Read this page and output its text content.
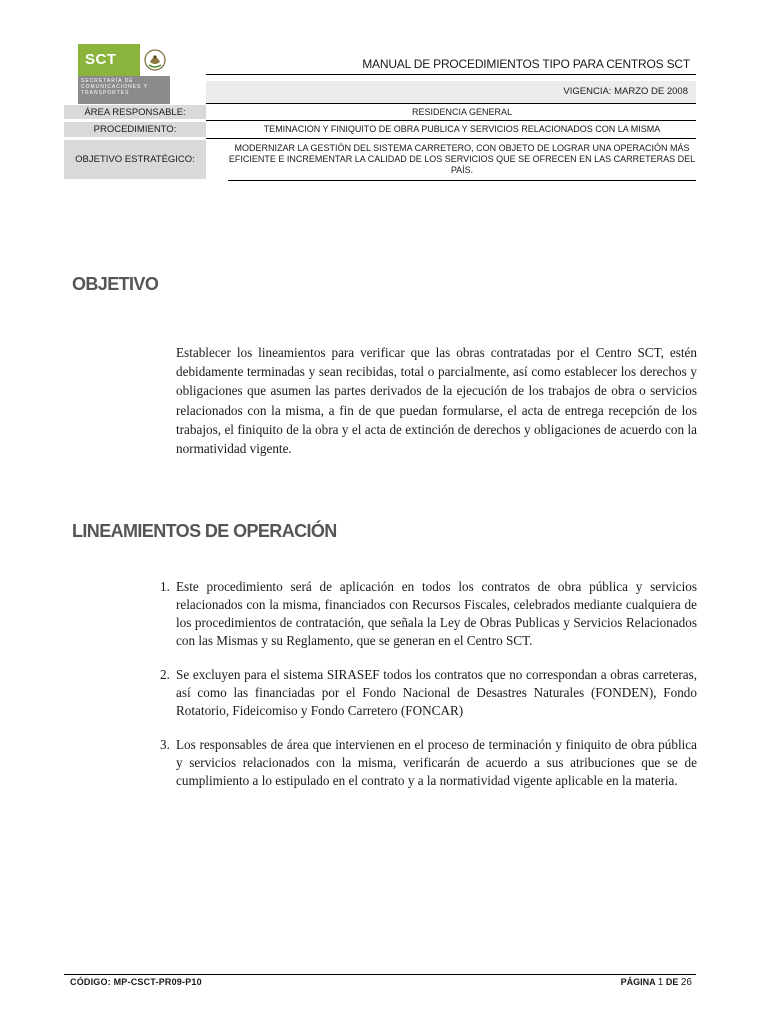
SCT
SECRETARÍA DE COMUNICACIONES Y TRANSPORTES
MANUAL DE PROCEDIMIENTOS TIPO PARA CENTROS SCT
VIGENCIA: MARZO DE 2008
ÁREA RESPONSABLE:	RESIDENCIA GENERAL
PROCEDIMIENTO:	TEMINACION Y FINIQUITO DE OBRA PUBLICA Y SERVICIOS RELACIONADOS CON LA MISMA
OBJETIVO ESTRATÉGICO:
MODERNIZAR LA GESTIÓN DEL SISTEMA CARRETERO, CON OBJETO DE LOGRAR UNA OPERACIÓN MÁS EFICIENTE E INCREMENTAR LA CALIDAD DE LOS SERVICIOS QUE SE OFRECEN EN LAS CARRETERAS DEL PAÍS.
OBJETIVO

Establecer los lineamientos para verificar que las obras contratadas por el Centro SCT, estén debidamente terminadas y sean recibidas, total o parcialmente, así como establecer los derechos y obligaciones que asumen las partes derivados de la ejecución de los trabajos de obra o servicios relacionados con la misma, a fin de que puedan formularse, el acta de entrega recepción de los trabajos, el finiquito de la obra y el acta de extinción de derechos y obligaciones de acuerdo con la normatividad vigente.

LINEAMIENTOS DE OPERACIÓN
1. Este procedimiento será de aplicación en todos los contratos de obra pública y servicios relacionados con la misma, financiados con Recursos Fiscales, celebrados mediante cualquiera de los procedimientos de contratación, que señala la Ley de Obras Publicas y Servicios Relacionados con las Mismas y su Reglamento, que se generan en el Centro SCT.
2. Se excluyen para el sistema SIRASEF todos los contratos que no correspondan a obras carreteras, así como las financiadas por el Fondo Nacional de Desastres Naturales (FONDEN), Fondo Rotatorio, Fideicomiso y Fondo Carretero (FONCAR)
3. Los responsables de área que intervienen en el proceso de terminación y finiquito de obra pública y servicios relacionados con la misma, verificarán de acuerdo a sus atribuciones que se de cumplimiento a lo estipulado en el contrato y a la normatividad vigente aplicable en la materia.
CÓDIGO: MP-CSCT-PR09-P10	PÁGINA 1 DE 26
